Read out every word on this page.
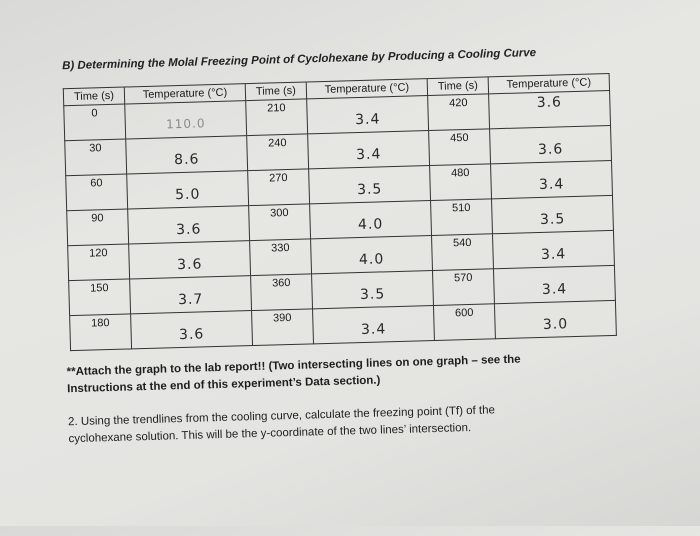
B) Determining the Molal Freezing Point of Cyclohexane by Producing a Cooling Curve
Time (s)	Temperature (°C)	Time (s)	Temperature (°C)	Time (s)	Temperature (°C)

0	110.0	210	3.4	420	3.6

30	8.6	240	3.4	450	3.6

60	5.0	270	3.5	480	3.4

90	3.6	300	4.0	510	3.5

120	3.6	330	4.0	540	3.4

150	3.7	360	3.5	570	3.4

180	3.6	390	3.4	600	3.0
**Attach the graph to the lab report!! (Two intersecting lines on one graph – see the
Instructions at the end of this experiment’s Data section.)
2. Using the trendlines from the cooling curve, calculate the freezing point (Tf) of the
cyclohexane solution. This will be the y-coordinate of the two lines’ intersection.
